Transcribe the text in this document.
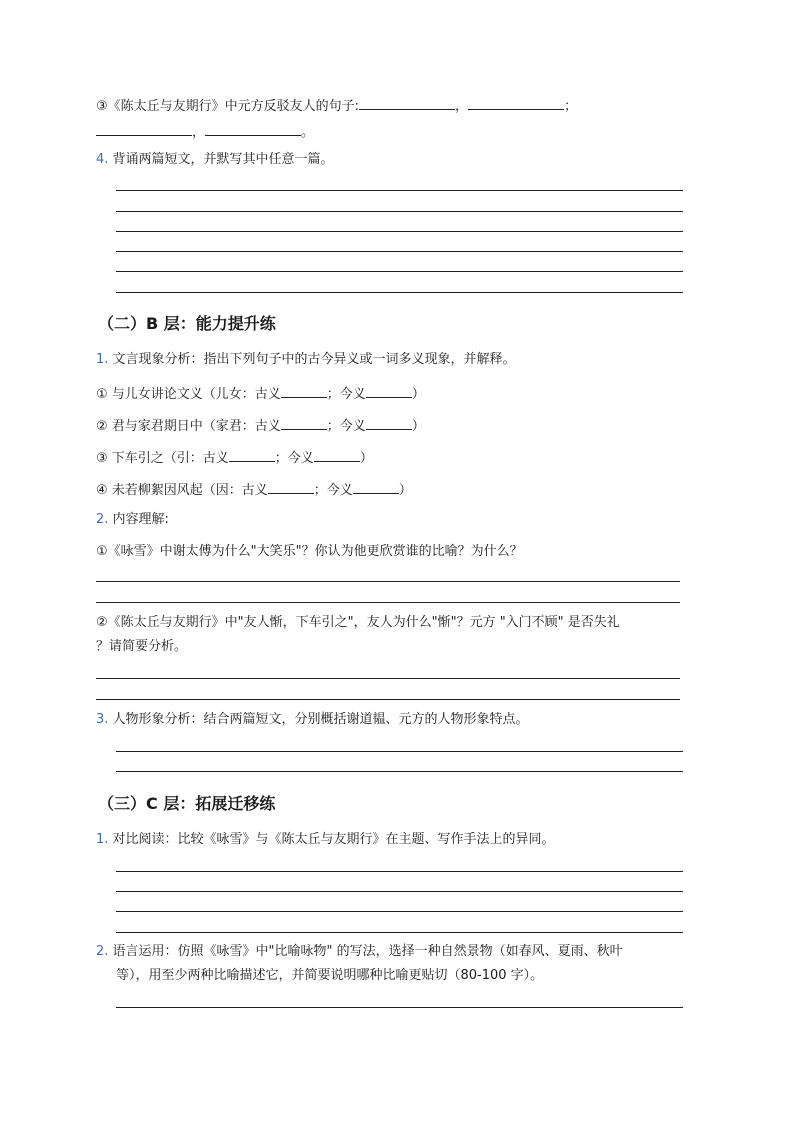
③《陈太丘与友期行》中元方反驳友人的句子:	，	；
，	。
4. 背诵两篇短文，并默写其中任意一篇。
（二）B 层：能力提升练
1. 文言现象分析：指出下列句子中的古今异义或一词多义现象，并解释。
① 与儿女讲论文义（儿女：古义	；今义	）
② 君与家君期日中（家君：古义	；今义	）
③ 下车引之（引：古义	；今义	）
④ 未若柳絮因风起（因：古义	；今义	）
2. 内容理解:
①《咏雪》中谢太傅为什么"大笑乐"？你认为他更欣赏谁的比喻？为什么？
②《陈太丘与友期行》中"友人惭，下车引之"，友人为什么"惭"？元方 "入门不顾" 是否失礼
？请简要分析。
3. 人物形象分析：结合两篇短文，分别概括谢道韫、元方的人物形象特点。
（三）C 层：拓展迁移练
1. 对比阅读：比较《咏雪》与《陈太丘与友期行》在主题、写作手法上的异同。
2. 语言运用：仿照《咏雪》中"比喻咏物" 的写法，选择一种自然景物（如春风、夏雨、秋叶
等），用至少两种比喻描述它，并简要说明哪种比喻更贴切（80-100 字）。
